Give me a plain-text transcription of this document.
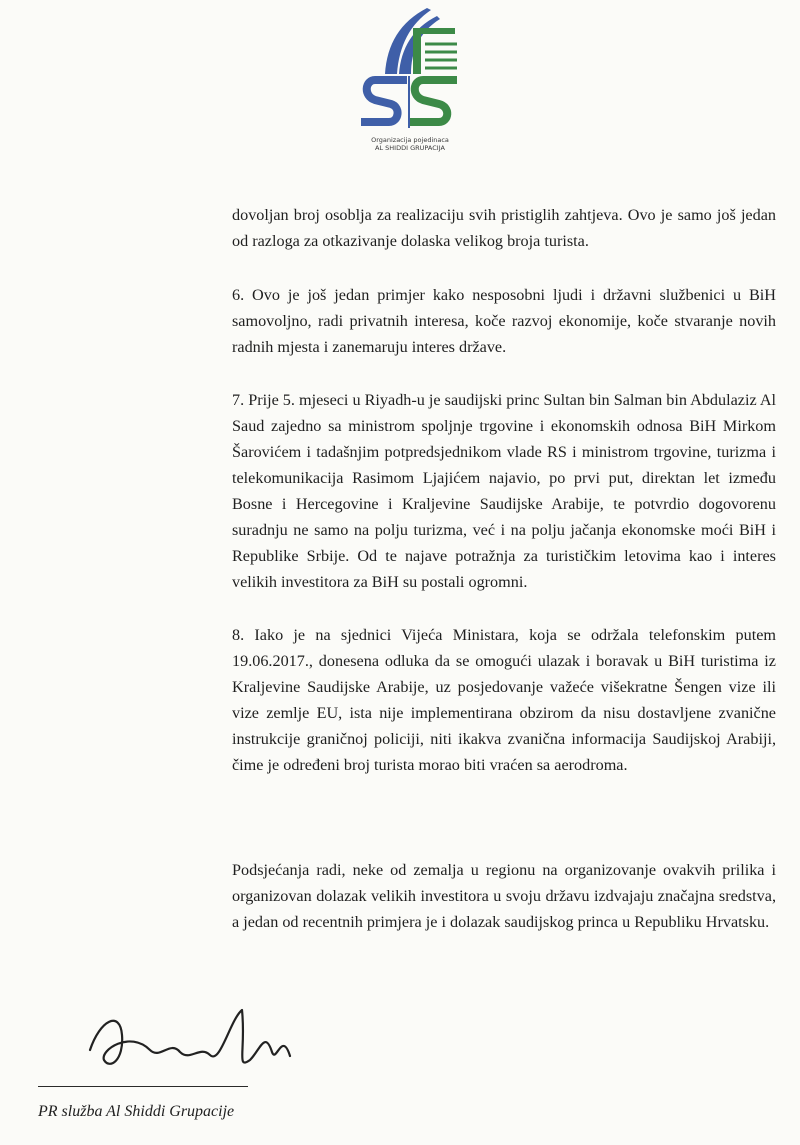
Organizacija pojedinaca
AL SHIDDI GRUPACIJA

dovoljan broj osoblja za realizaciju svih pristiglih zahtjeva. Ovo je samo još jedan od razloga za otkazivanje dolaska velikog broja turista.

6. Ovo je još jedan primjer kako nesposobni ljudi i državni službenici u BiH samovoljno, radi privatnih interesa, koče razvoj ekonomije, koče stvaranje novih radnih mjesta i zanemaruju interes države.

7. Prije 5. mjeseci u Riyadh-u je saudijski princ Sultan bin Salman bin Abdulaziz Al Saud zajedno sa ministrom spoljnje trgovine i ekonomskih odnosa BiH Mirkom Šarovićem i tadašnjim potpredsjednikom vlade RS i ministrom trgovine, turizma i telekomunikacija Rasimom Ljajićem najavio, po prvi put, direktan let između Bosne i Hercegovine i Kraljevine Saudijske Arabije, te potvrdio dogovorenu suradnju ne samo na polju turizma, već i na polju jačanja ekonomske moći BiH i Republike Srbije. Od te najave potražnja za turističkim letovima kao i interes velikih investitora za BiH su postali ogromni.

8. Iako je na sjednici Vijeća Ministara, koja se održala telefonskim putem 19.06.2017., donesena odluka da se omogući ulazak i boravak u BiH turistima iz Kraljevine Saudijske Arabije, uz posjedovanje važeće višekratne Šengen vize ili vize zemlje EU, ista nije implementirana obzirom da nisu dostavljene zvanične instrukcije graničnoj policiji, niti ikakva zvanična informacija Saudijskoj Arabiji, čime je određeni broj turista morao biti vraćen sa aerodroma.

Podsjećanja radi, neke od zemalja u regionu na organizovanje ovakvih prilika i organizovan dolazak velikih investitora u svoju državu izdvajaju značajna sredstva, a jedan od recentnih primjera je i dolazak saudijskog princa u Republiku Hrvatsku.

PR služba Al Shiddi Grupacije
